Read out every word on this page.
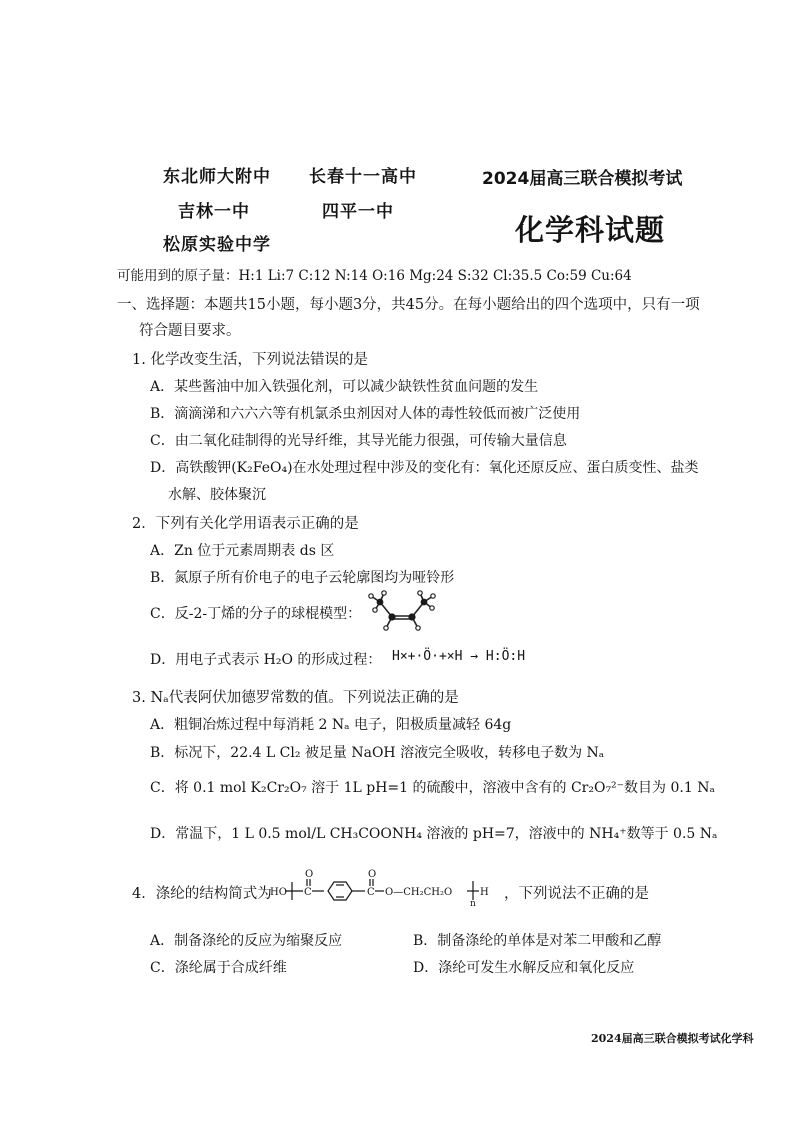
东北师大附中 长春十一高中	2024届高三联合模拟考试
吉林一中	四平一中
化学科试题
松原实验中学
可能用到的原子量：H:1 Li:7 C:12 N:14 O:16 Mg:24 S:32 Cl:35.5 Co:59 Cu:64
一、选择题：本题共15小题，每小题3分，共45分。在每小题给出的四个选项中，只有一项
符合题目要求。
1. 化学改变生活，下列说法错误的是
A．某些酱油中加入铁强化剂，可以减少缺铁性贫血问题的发生
B．滴滴涕和六六六等有机氯杀虫剂因对人体的毒性较低而被广泛使用
C．由二氧化硅制得的光导纤维，其导光能力很强，可传输大量信息
D．高铁酸钾(K₂FeO₄)在水处理过程中涉及的变化有：氧化还原反应、蛋白质变性、盐类
水解、胶体聚沉
2．下列有关化学用语表示正确的是
A．Zn 位于元素周期表 ds 区
B．氮原子所有价电子的电子云轮廓图均为哑铃形
C．反-2-丁烯的分子的球棍模型：
D．用电子式表示 H₂O 的形成过程： H×+·Ö·+×H → H:Ö:H
3. Nₐ代表阿伏加德罗常数的值。下列说法正确的是
A．粗铜冶炼过程中每消耗 2 Nₐ 电子，阳极质量减轻 64g
B．标况下，22.4 L Cl₂ 被足量 NaOH 溶液完全吸收，转移电子数为 Nₐ
C．将 0.1 mol K₂Cr₂O₇ 溶于 1L pH=1 的硫酸中，溶液中含有的 Cr₂O₇²⁻数目为 0.1 Nₐ
D．常温下，1 L 0.5 mol/L CH₃COONH₄ 溶液的 pH=7，溶液中的 NH₄⁺数等于 0.5 Nₐ
4．涤纶的结构简式为
HO C
O
C
O
O—CH₂CH₂O
n
H ，下列说法不正确的是
A．制备涤纶的反应为缩聚反应	B．制备涤纶的单体是对苯二甲酸和乙醇
C．涤纶属于合成纤维	D．涤纶可发生水解反应和氧化反应
2024届高三联合模拟考试化学科
